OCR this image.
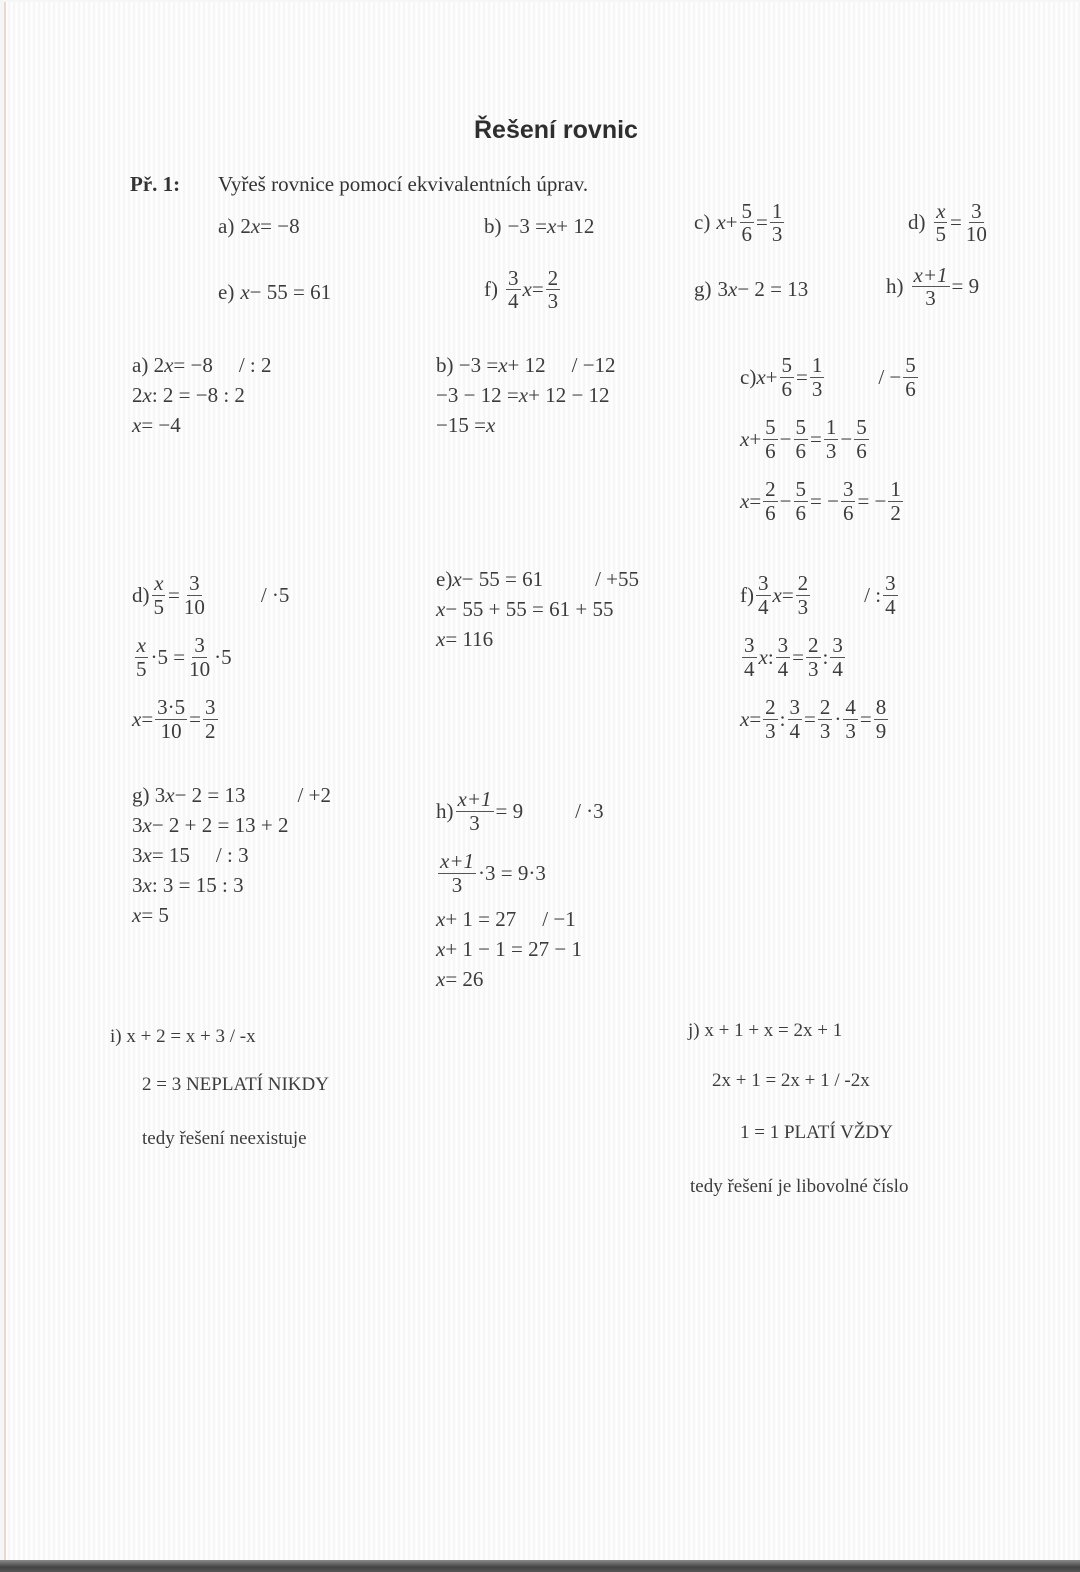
Řešení rovnic
Př. 1: Vyřeš rovnice pomocí ekvivalentních úprav.
a) 2 x = −8	b) −3 = x + 12	c) $x + \frac{5}{6} = \frac{1}{3}$	$d) \frac{x}{5} = \frac{3}{10}$
e) x − 55 = 61	$f) \frac{3}{4}$ $x = \frac{2}{3}$	g) 3 x − 2 = 13	$h) \frac{x+1}{3} = 9$
a) 2 x = −8 / : 2
2 x : 2 = −8 : 2
x = −4
b) −3 = x + 12 / −12
−3 − 12 = x + 12 − 12
−15 = x
c) $x + \frac{5}{6} = \frac{1}{3}$	/ − $\frac{5}{6}$
$x + \frac{5}{6} - \frac{5}{6} = \frac{1}{3} - \frac{5}{6}$
$x = \frac{2}{6} - \frac{5}{6}$ = − $\frac{3}{6}$ = − $\frac{1}{2}$
$d) \frac{x}{5} = \frac{3}{10}$	/ ·5
$\frac{x}{5} \cdot 5 = \frac{3}{10} \cdot 5$
$x = \frac{3\cdot 5}{10} = \frac{3}{2}$
e) x − 55 = 61 / +55
x − 55 + 55 = 61 + 55
x = 116
$f) \frac{3}{4}$ $x = \frac{2}{3}$	/ : $\frac{3}{4}$
$\frac{3}{4}$ x : $\frac{3}{4} = \frac{2}{3}$ : $\frac{3}{4}$
$x = \frac{2}{3}$ : $\frac{3}{4} = \frac{2}{3} \cdot \frac{4}{3} = \frac{8}{9}$
g) 3 x − 2 = 13 / +2
3 x − 2 + 2 = 13 + 2
3 x = 15 / : 3
3 x : 3 = 15 : 3
x = 5
$h) \frac{x+1}{3} = 9 / \cdot 3$
$\frac{x+1}{3} \cdot 3 = 9\cdot 3$
x + 1 = 27 / −1
x + 1 − 1 = 27 − 1
x = 26
i) x + 2 = x + 3 / -x
2 = 3 NEPLATÍ NIKDY
tedy řešení neexistuje
j) x + 1 + x = 2x + 1
2x + 1 = 2x + 1 / -2x
1 = 1 PLATÍ VŽDY
tedy řešení je libovolné číslo
